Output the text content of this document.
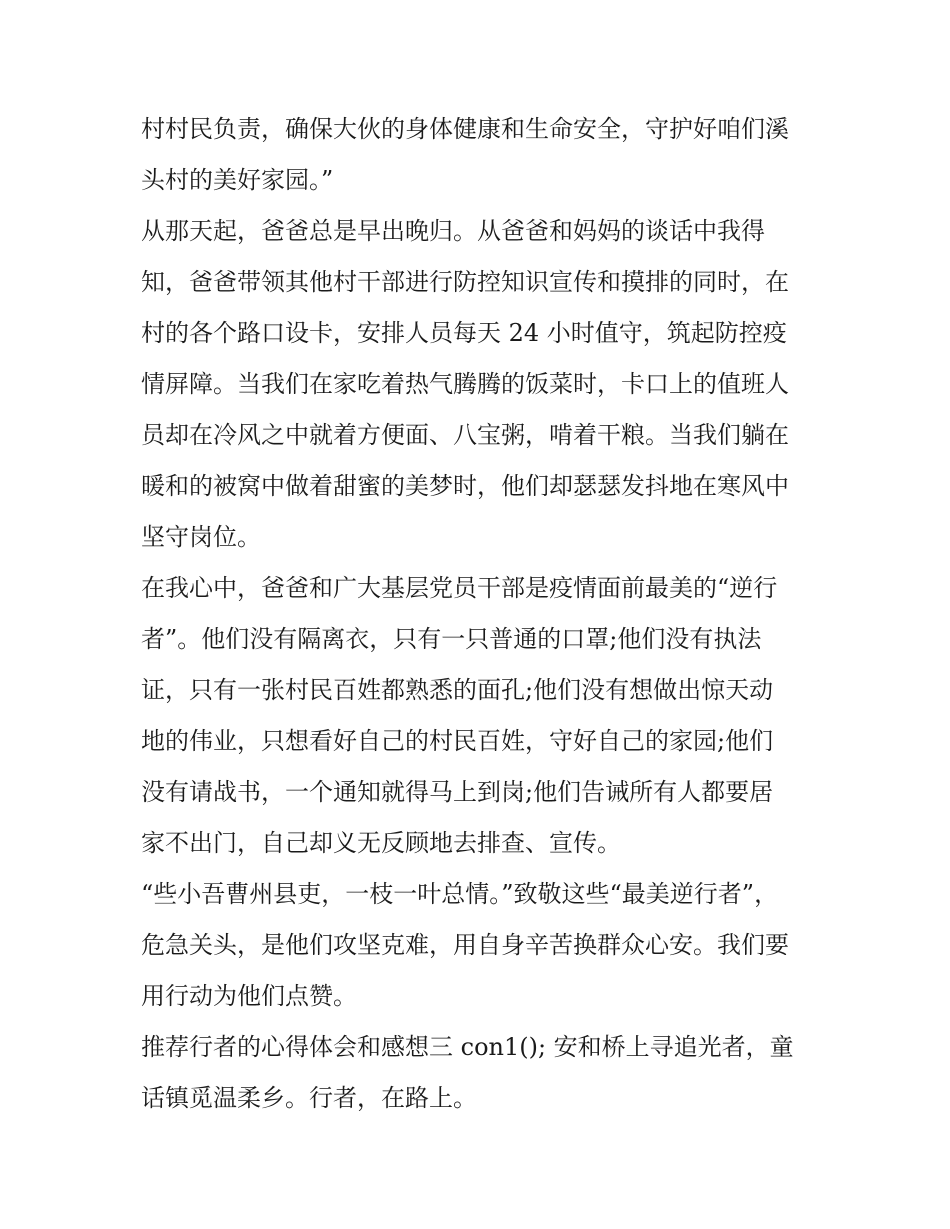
村村民负责，确保大伙的身体健康和生命安全，守护好咱们溪
头村的美好家园。”

从那天起，爸爸总是早出晚归。从爸爸和妈妈的谈话中我得
知，爸爸带领其他村干部进行防控知识宣传和摸排的同时，在
村的各个路口设卡，安排人员每天 24 小时值守，筑起防控疫
情屏障。当我们在家吃着热气腾腾的饭菜时，卡口上的值班人
员却在冷风之中就着方便面、八宝粥，啃着干粮。当我们躺在
暖和的被窝中做着甜蜜的美梦时，他们却瑟瑟发抖地在寒风中
坚守岗位。

在我心中，爸爸和广大基层党员干部是疫情面前最美的“逆行
者”。他们没有隔离衣，只有一只普通的口罩;他们没有执法
证，只有一张村民百姓都熟悉的面孔;他们没有想做出惊天动
地的伟业，只想看好自己的村民百姓，守好自己的家园;他们
没有请战书，一个通知就得马上到岗;他们告诫所有人都要居
家不出门，自己却义无反顾地去排查、宣传。

“些小吾曹州县吏，一枝一叶总情。”致敬这些“最美逆行者”，
危急关头，是他们攻坚克难，用自身辛苦换群众心安。我们要
用行动为他们点赞。

推荐行者的心得体会和感想三 con1(); 安和桥上寻追光者，童
话镇觅温柔乡。行者，在路上。
